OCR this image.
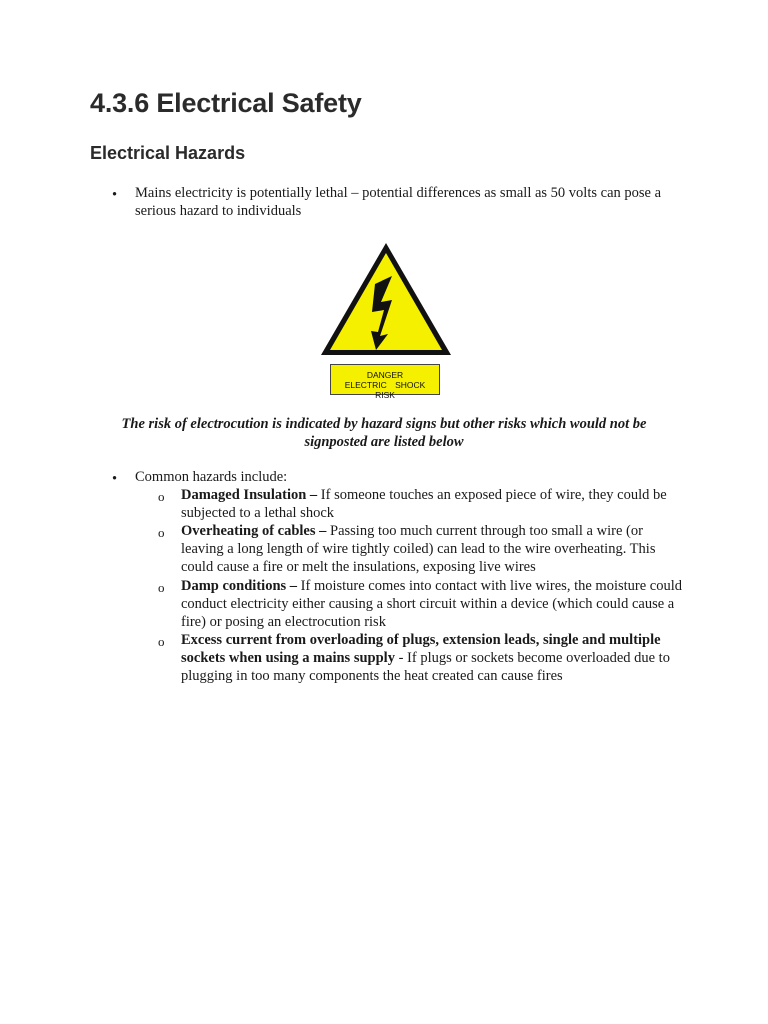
4.3.6 Electrical Safety
Electrical Hazards
•	Mains electricity is potentially lethal – potential differences as small as 50 volts can pose a serious hazard to individuals
DANGER
ELECTRIC SHOCK RISK
The risk of electrocution is indicated by hazard signs but other risks which would not be signposted are listed below
•	Common hazards include:
o	Damaged Insulation – If someone touches an exposed piece of wire, they could be subjected to a lethal shock
o	Overheating of cables – Passing too much current through too small a wire (or leaving a long length of wire tightly coiled) can lead to the wire overheating. This could cause a fire or melt the insulations, exposing live wires
o	Damp conditions – If moisture comes into contact with live wires, the moisture could conduct electricity either causing a short circuit within a device (which could cause a fire) or posing an electrocution risk
o	Excess current from overloading of plugs, extension leads, single and multiple sockets when using a mains supply - If plugs or sockets become overloaded due to plugging in too many components the heat created can cause fires
